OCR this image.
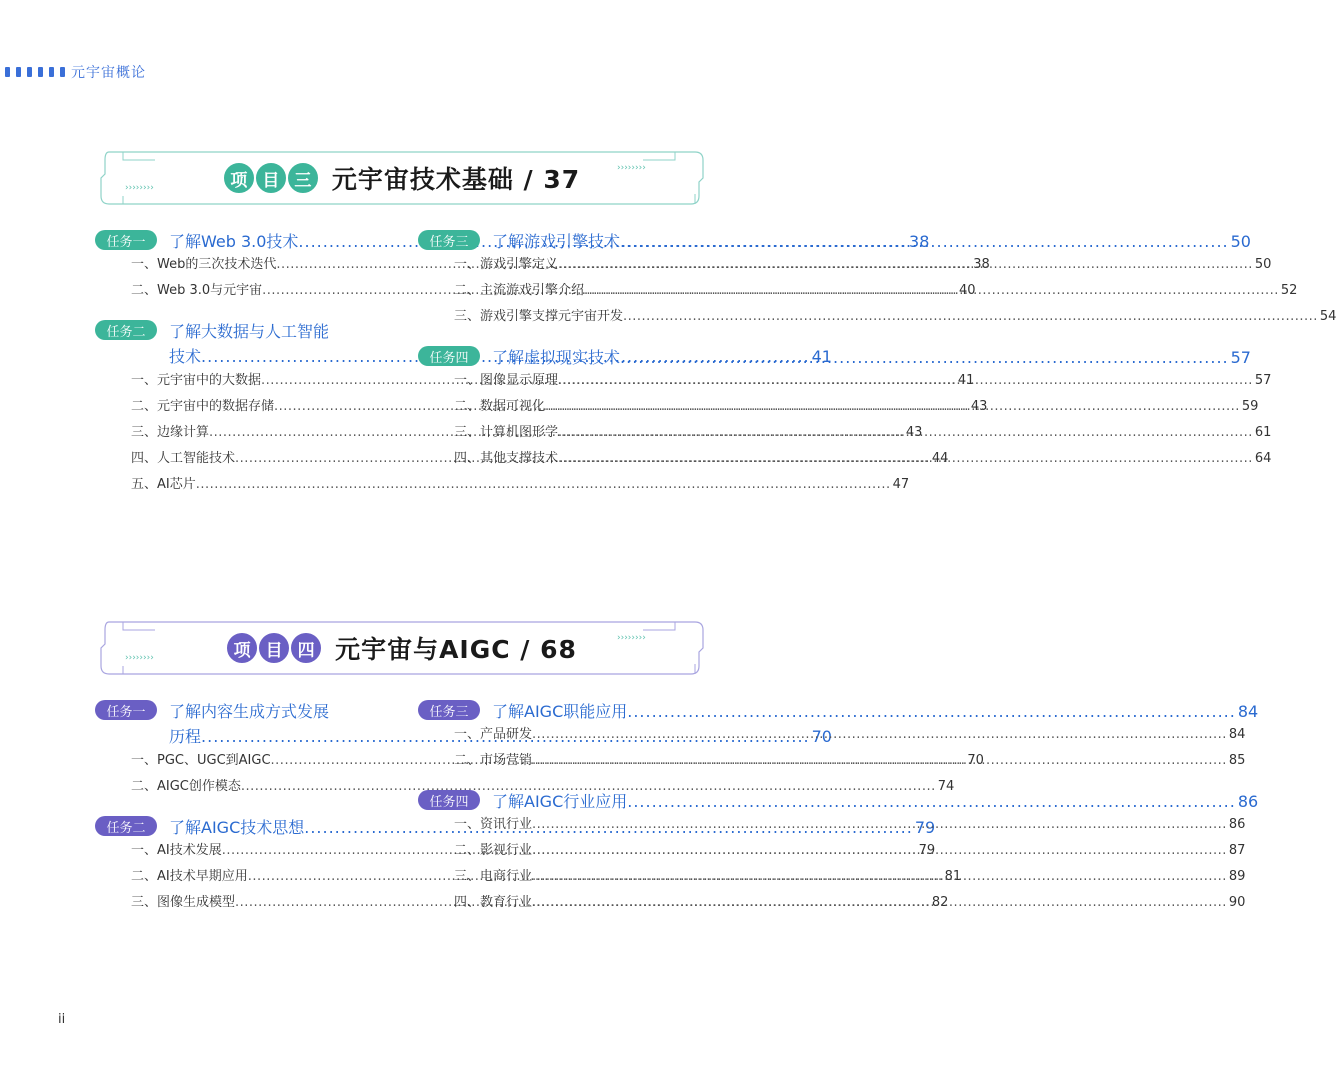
元宇宙概论
››››››››
››››››››
项 目 三 元宇宙技术基础 / 37
任务一	了解Web 3.0技术 .....	38
一、Web的三次技术迭代 .....	38
二、Web 3.0与元宇宙 .....	40
任务二	了解大数据与人工智能
技术 .....	41
一、元宇宙中的大数据 .....	41
二、元宇宙中的数据存储 .....	43
三、边缘计算 .....	43
四、人工智能技术 .....	44
五、AI芯片 .....	47
任务三	了解游戏引擎技术 .....	50
一、游戏引擎定义 .....	50
二、主流游戏引擎介绍 .....	52
三、游戏引擎支撑元宇宙开发 .....	54
任务四	了解虚拟现实技术 .....	57
一、图像显示原理 .....	57
二、数据可视化 .....	59
三、计算机图形学 .....	61
四、其他支撑技术 .....	64
››››››››
››››››››
项 目 四 元宇宙与AIGC / 68
任务一	了解内容生成方式发展
历程 .....	70
一、PGC、UGC到AIGC .....	70
二、AIGC创作模态 .....	74
任务二	了解AIGC技术思想 .....	79
一、AI技术发展 .....	79
二、AI技术早期应用 .....	81
三、图像生成模型 .....	82
任务三	了解AIGC职能应用 .....	84
一、产品研发 .....	84
二、市场营销 .....	85
任务四	了解AIGC行业应用 .....	86
一、资讯行业 .....	86
二、影视行业 .....	87
三、电商行业 .....	89
四、教育行业 .....	90
ii
